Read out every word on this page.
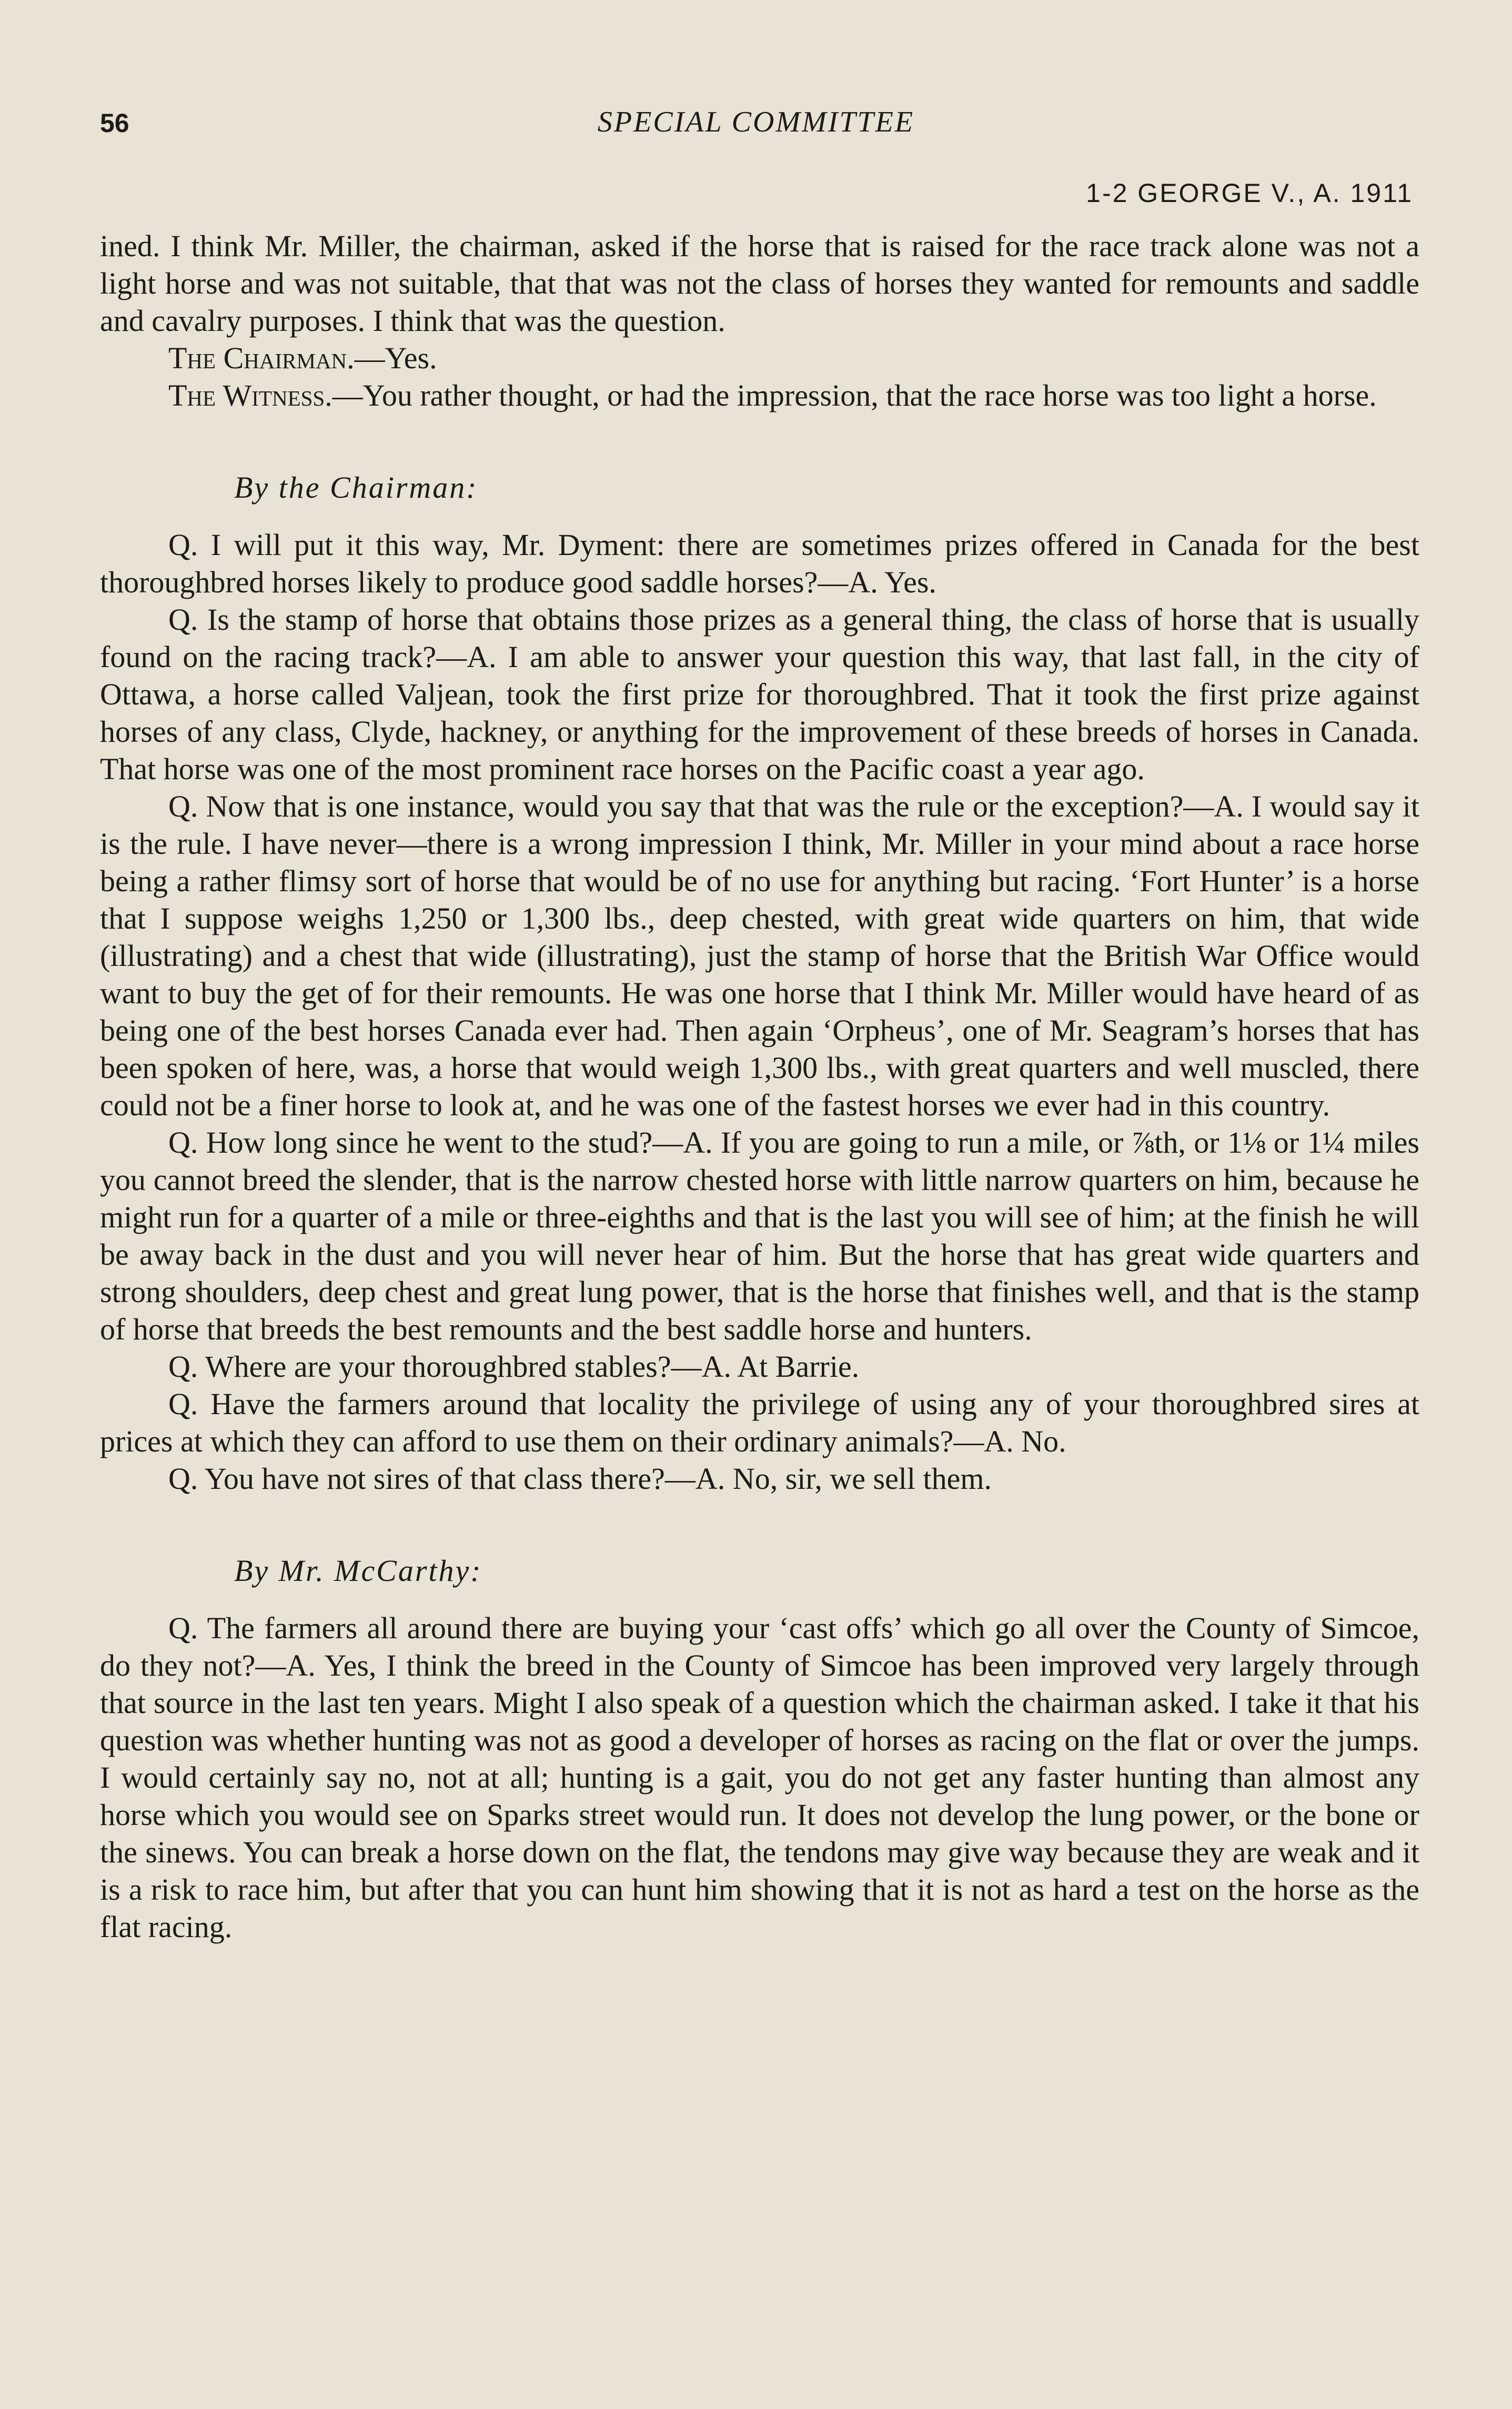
56	SPECIAL COMMITTEE
1-2 GEORGE V., A. 1911

ined. I think Mr. Miller, the chairman, asked if the horse that is raised for the race track alone was not a light horse and was not suitable, that that was not the class of horses they wanted for remounts and saddle and cavalry purposes. I think that was the question.

The Chairman.—Yes.

The Witness.—You rather thought, or had the impression, that the race horse was too light a horse.

By the Chairman:

Q. I will put it this way, Mr. Dyment: there are sometimes prizes offered in Canada for the best thoroughbred horses likely to produce good saddle horses?—A. Yes.

Q. Is the stamp of horse that obtains those prizes as a general thing, the class of horse that is usually found on the racing track?—A. I am able to answer your question this way, that last fall, in the city of Ottawa, a horse called Valjean, took the first prize for thoroughbred. That it took the first prize against horses of any class, Clyde, hackney, or anything for the improvement of these breeds of horses in Canada. That horse was one of the most prominent race horses on the Pacific coast a year ago.

Q. Now that is one instance, would you say that that was the rule or the exception?—A. I would say it is the rule. I have never—there is a wrong impression I think, Mr. Miller in your mind about a race horse being a rather flimsy sort of horse that would be of no use for anything but racing. ‘Fort Hunter’ is a horse that I suppose weighs 1,250 or 1,300 lbs., deep chested, with great wide quarters on him, that wide (illustrating) and a chest that wide (illustrating), just the stamp of horse that the British War Office would want to buy the get of for their remounts. He was one horse that I think Mr. Miller would have heard of as being one of the best horses Canada ever had. Then again ‘Orpheus’, one of Mr. Seagram’s horses that has been spoken of here, was, a horse that would weigh 1,300 lbs., with great quarters and well muscled, there could not be a finer horse to look at, and he was one of the fastest horses we ever had in this country.

Q. How long since he went to the stud?—A. If you are going to run a mile, or ⅞th, or 1⅛ or 1¼ miles you cannot breed the slender, that is the narrow chested horse with little narrow quarters on him, because he might run for a quarter of a mile or three-eighths and that is the last you will see of him; at the finish he will be away back in the dust and you will never hear of him. But the horse that has great wide quarters and strong shoulders, deep chest and great lung power, that is the horse that finishes well, and that is the stamp of horse that breeds the best remounts and the best saddle horse and hunters.

Q. Where are your thoroughbred stables?—A. At Barrie.

Q. Have the farmers around that locality the privilege of using any of your thoroughbred sires at prices at which they can afford to use them on their ordinary animals?—A. No.

Q. You have not sires of that class there?—A. No, sir, we sell them.

By Mr. McCarthy:

Q. The farmers all around there are buying your ‘cast offs’ which go all over the County of Simcoe, do they not?—A. Yes, I think the breed in the County of Simcoe has been improved very largely through that source in the last ten years. Might I also speak of a question which the chairman asked. I take it that his question was whether hunting was not as good a developer of horses as racing on the flat or over the jumps. I would certainly say no, not at all; hunting is a gait, you do not get any faster hunting than almost any horse which you would see on Sparks street would run. It does not develop the lung power, or the bone or the sinews. You can break a horse down on the flat, the tendons may give way because they are weak and it is a risk to race him, but after that you can hunt him showing that it is not as hard a test on the horse as the flat racing.
